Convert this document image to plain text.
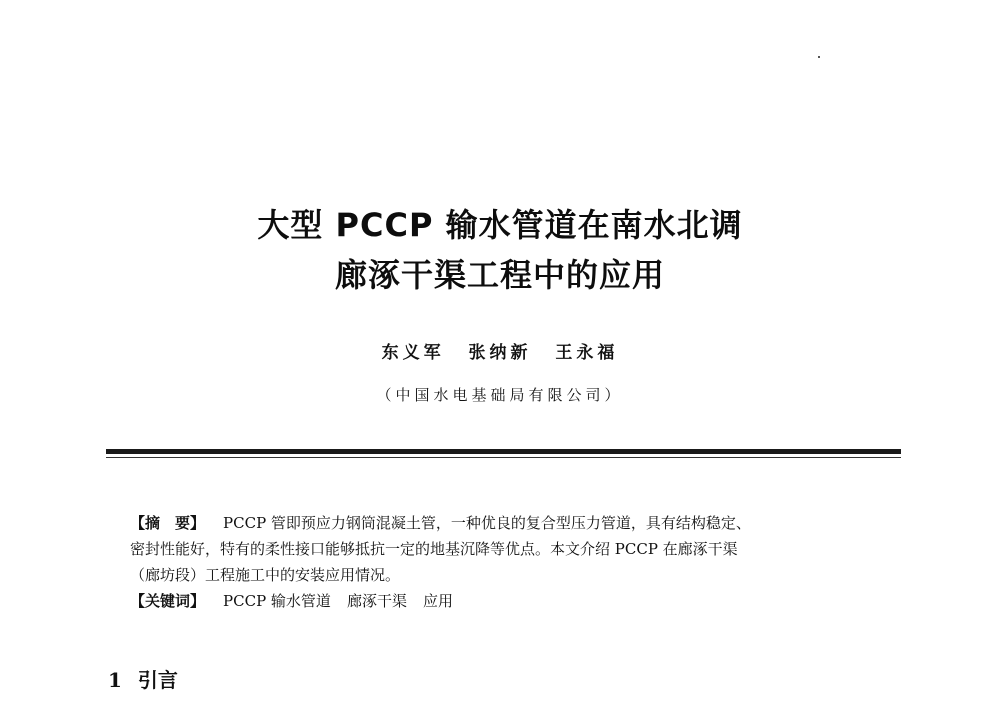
大型 PCCP 输水管道在南水北调
廊涿干渠工程中的应用
东义军 张纳新 王永福
（中国水电基础局有限公司）
【摘　要】 PCCP 管即预应力钢筒混凝土管，一种优良的复合型压力管道，具有结构稳定、
密封性能好，特有的柔性接口能够抵抗一定的地基沉降等优点。本文介绍 PCCP 在廊涿干渠
（廊坊段）工程施工中的安装应用情况。
【关键词】 PCCP 输水管道 廊涿干渠 应用
1 引言
